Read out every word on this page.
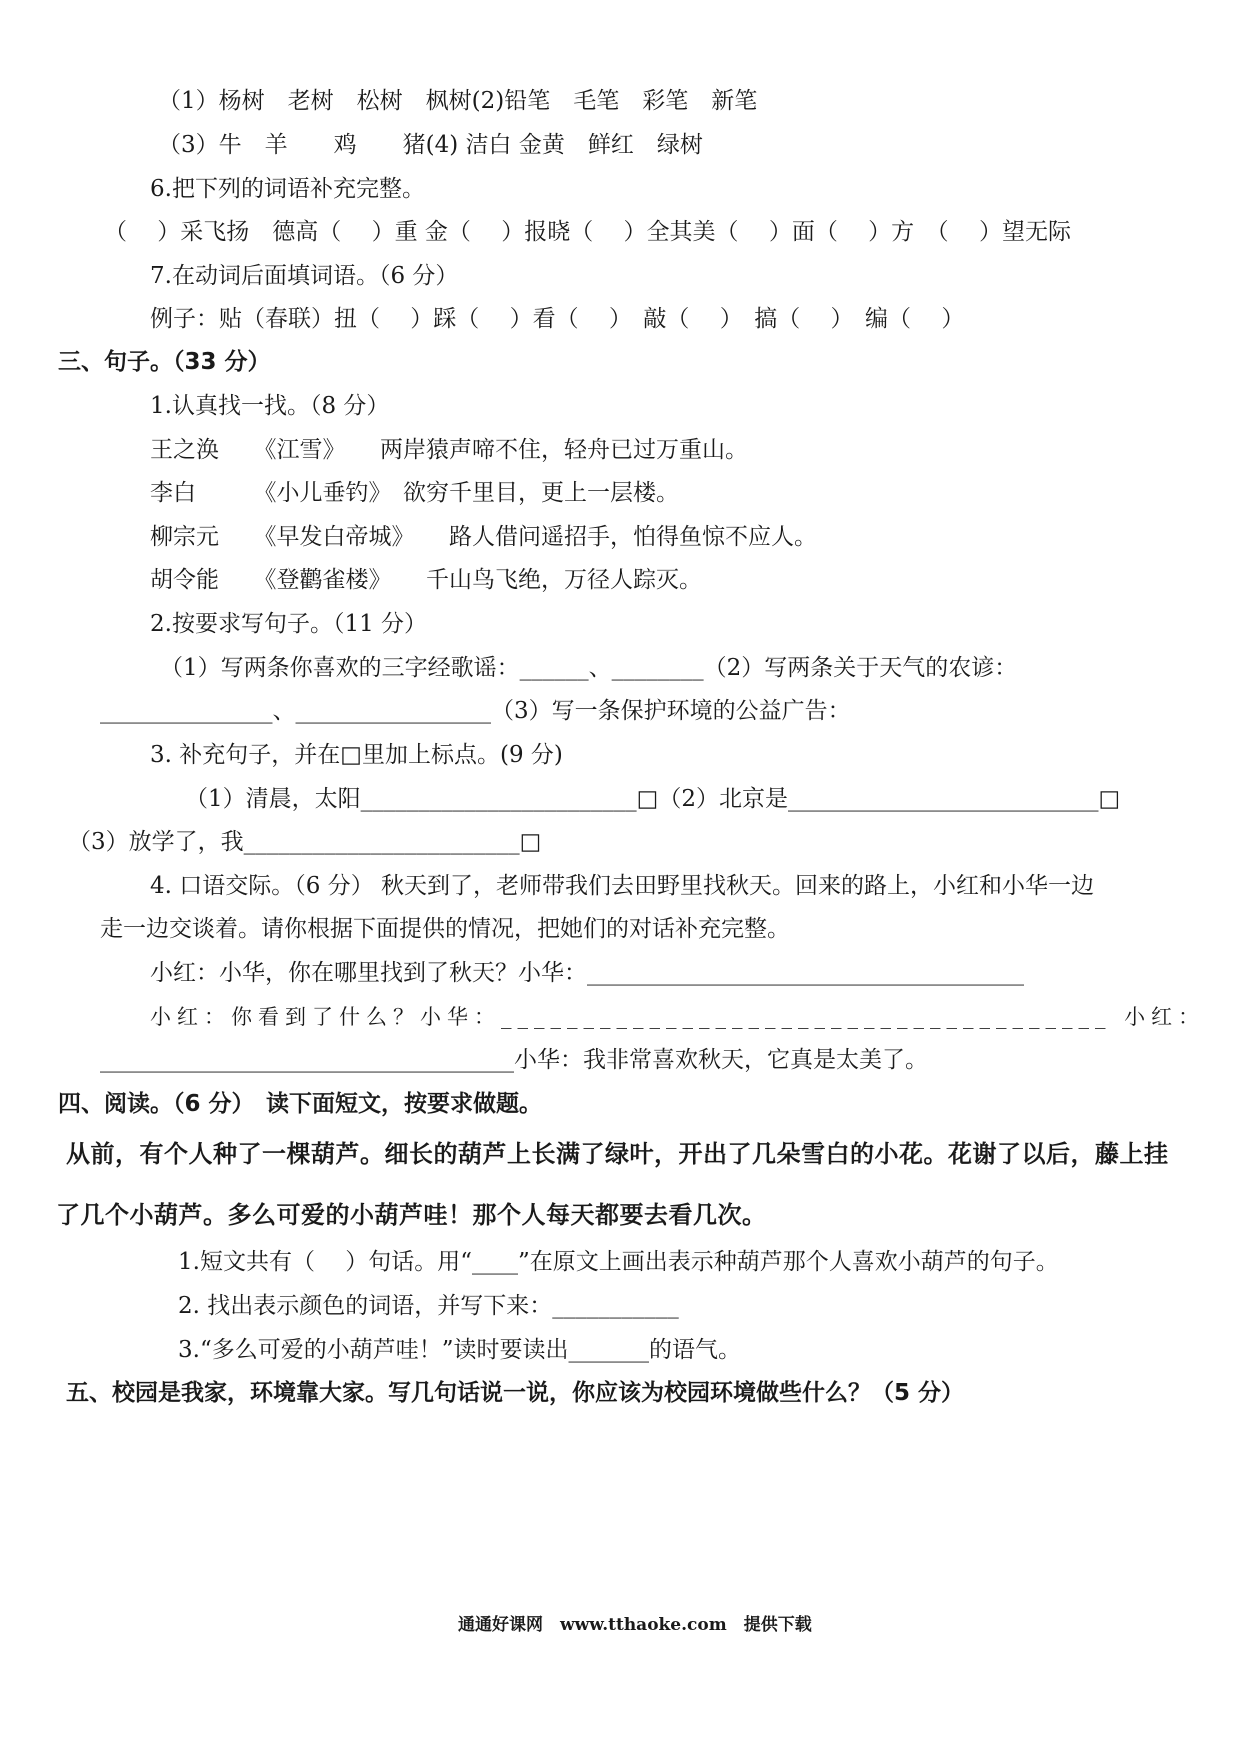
（1）杨树　老树　松树　枫树(2)铅笔　毛笔　彩笔　新笔
（3）牛　羊　　鸡　　猪(4) 洁白 金黄　鲜红　绿树
6.把下列的词语补充完整。
（　 ）采飞扬　德高（　 ）重 金（　 ）报晓（　 ）全其美（　 ）面（　 ）方　（　 ）望无际
7.在动词后面填词语。（6 分）
例子：贴（春联）扭（　 ）踩（　 ）看（　 ）　敲（　 ）　搞（　 ）　编（　 ）
三、句子。（33 分）
1.认真找一找。（8 分）
王之涣　　《江雪》　　两岸猿声啼不住，轻舟已过万重山。
李白　　　《小儿垂钓》　欲穷千里目，更上一层楼。
柳宗元　　《早发白帝城》　　路人借问遥招手，怕得鱼惊不应人。
胡令能　　《登鹳雀楼》　　千山鸟飞绝，万径人踪灭。
2.按要求写句子。（11 分）
（1）写两条你喜欢的三字经歌谣：______、________（2）写两条关于天气的农谚：
_______________、_________________（3）写一条保护环境的公益广告：
3. 补充句子，并在□里加上标点。(9 分)
（1）清晨，太阳________________________□（2）北京是___________________________□
（3）放学了，我________________________□
4. 口语交际。（6 分） 秋天到了，老师带我们去田野里找秋天。回来的路上，小红和小华一边
走一边交谈着。请你根据下面提供的情况，把她们的对话补充完整。
小红：小华，你在哪里找到了秋天？小华：______________________________________
小红：你看到了什么？小华：_____________________________________ 小红：
____________________________________小华：我非常喜欢秋天，它真是太美了。
四、阅读。（6 分）　读下面短文，按要求做题。
从前，有个人种了一棵葫芦。细长的葫芦上长满了绿叶，开出了几朵雪白的小花。花谢了以后，藤上挂
了几个小葫芦。多么可爱的小葫芦哇！那个人每天都要去看几次。
1.短文共有（　 ）句话。用“____”在原文上画出表示种葫芦那个人喜欢小葫芦的句子。
2. 找出表示颜色的词语，并写下来：___________
3.“多么可爱的小葫芦哇！”读时要读出_______的语气。
五、校园是我家，环境靠大家。写几句话说一说，你应该为校园环境做些什么？（5 分）
通通好课网　www.tthaoke.com　提供下载
